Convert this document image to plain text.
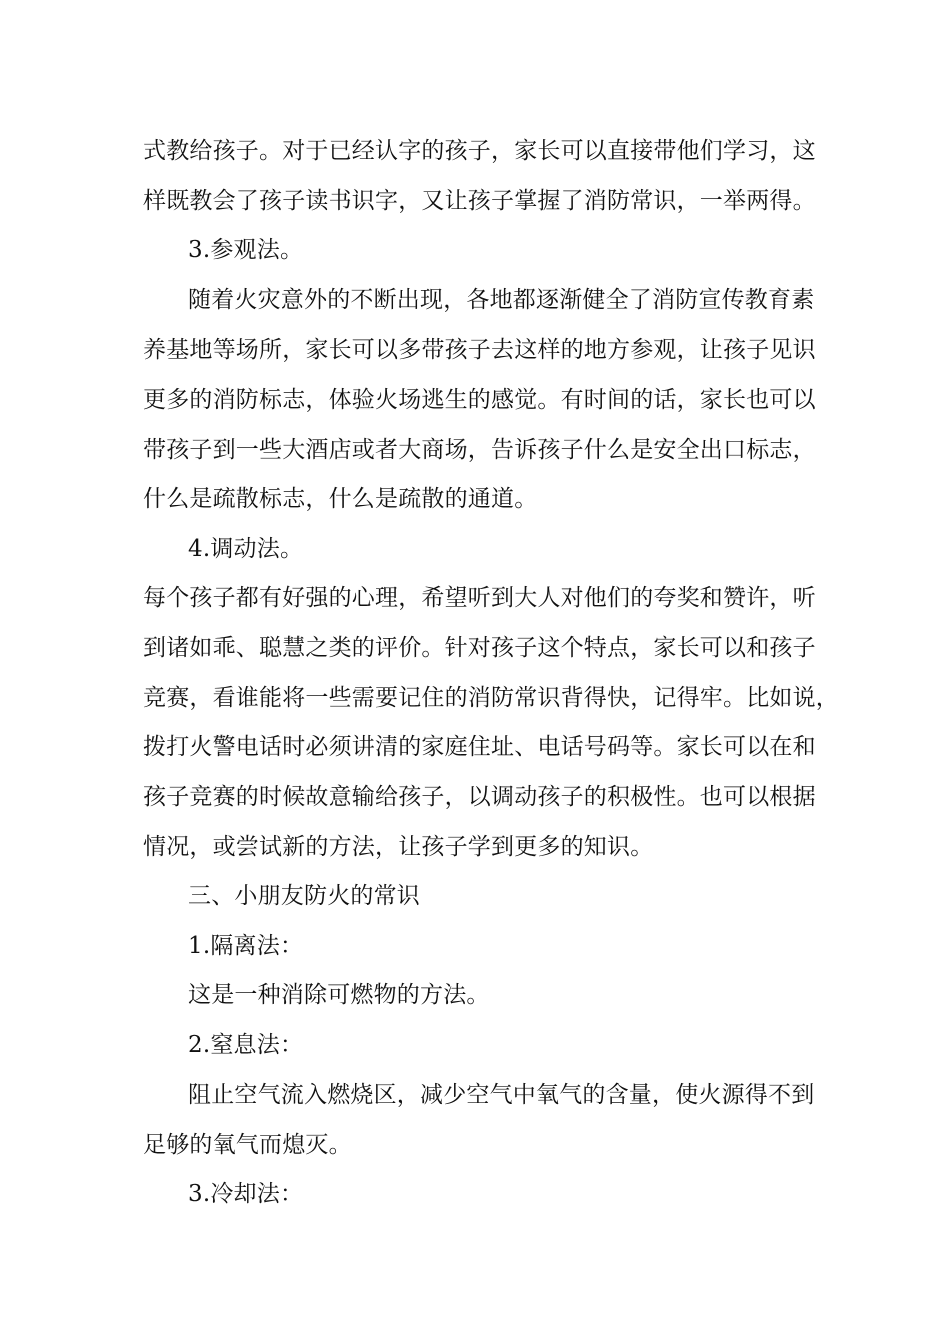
式教给孩子。对于已经认字的孩子，家长可以直接带他们学习，这
样既教会了孩子读书识字，又让孩子掌握了消防常识，一举两得。
3.参观法。
随着火灾意外的不断出现，各地都逐渐健全了消防宣传教育素
养基地等场所，家长可以多带孩子去这样的地方参观，让孩子见识
更多的消防标志，体验火场逃生的感觉。有时间的话，家长也可以
带孩子到一些大酒店或者大商场，告诉孩子什么是安全出口标志，
什么是疏散标志，什么是疏散的通道。
4.调动法。
每个孩子都有好强的心理，希望听到大人对他们的夸奖和赞许，听
到诸如乖、聪慧之类的评价。针对孩子这个特点，家长可以和孩子
竞赛，看谁能将一些需要记住的消防常识背得快，记得牢。比如说，
拨打火警电话时必须讲清的家庭住址、电话号码等。家长可以在和
孩子竞赛的时候故意输给孩子，以调动孩子的积极性。也可以根据
情况，或尝试新的方法，让孩子学到更多的知识。
三、小朋友防火的常识
1.隔离法：
这是一种消除可燃物的方法。
2.窒息法：
阻止空气流入燃烧区，减少空气中氧气的含量，使火源得不到
足够的氧气而熄灭。
3.冷却法：
